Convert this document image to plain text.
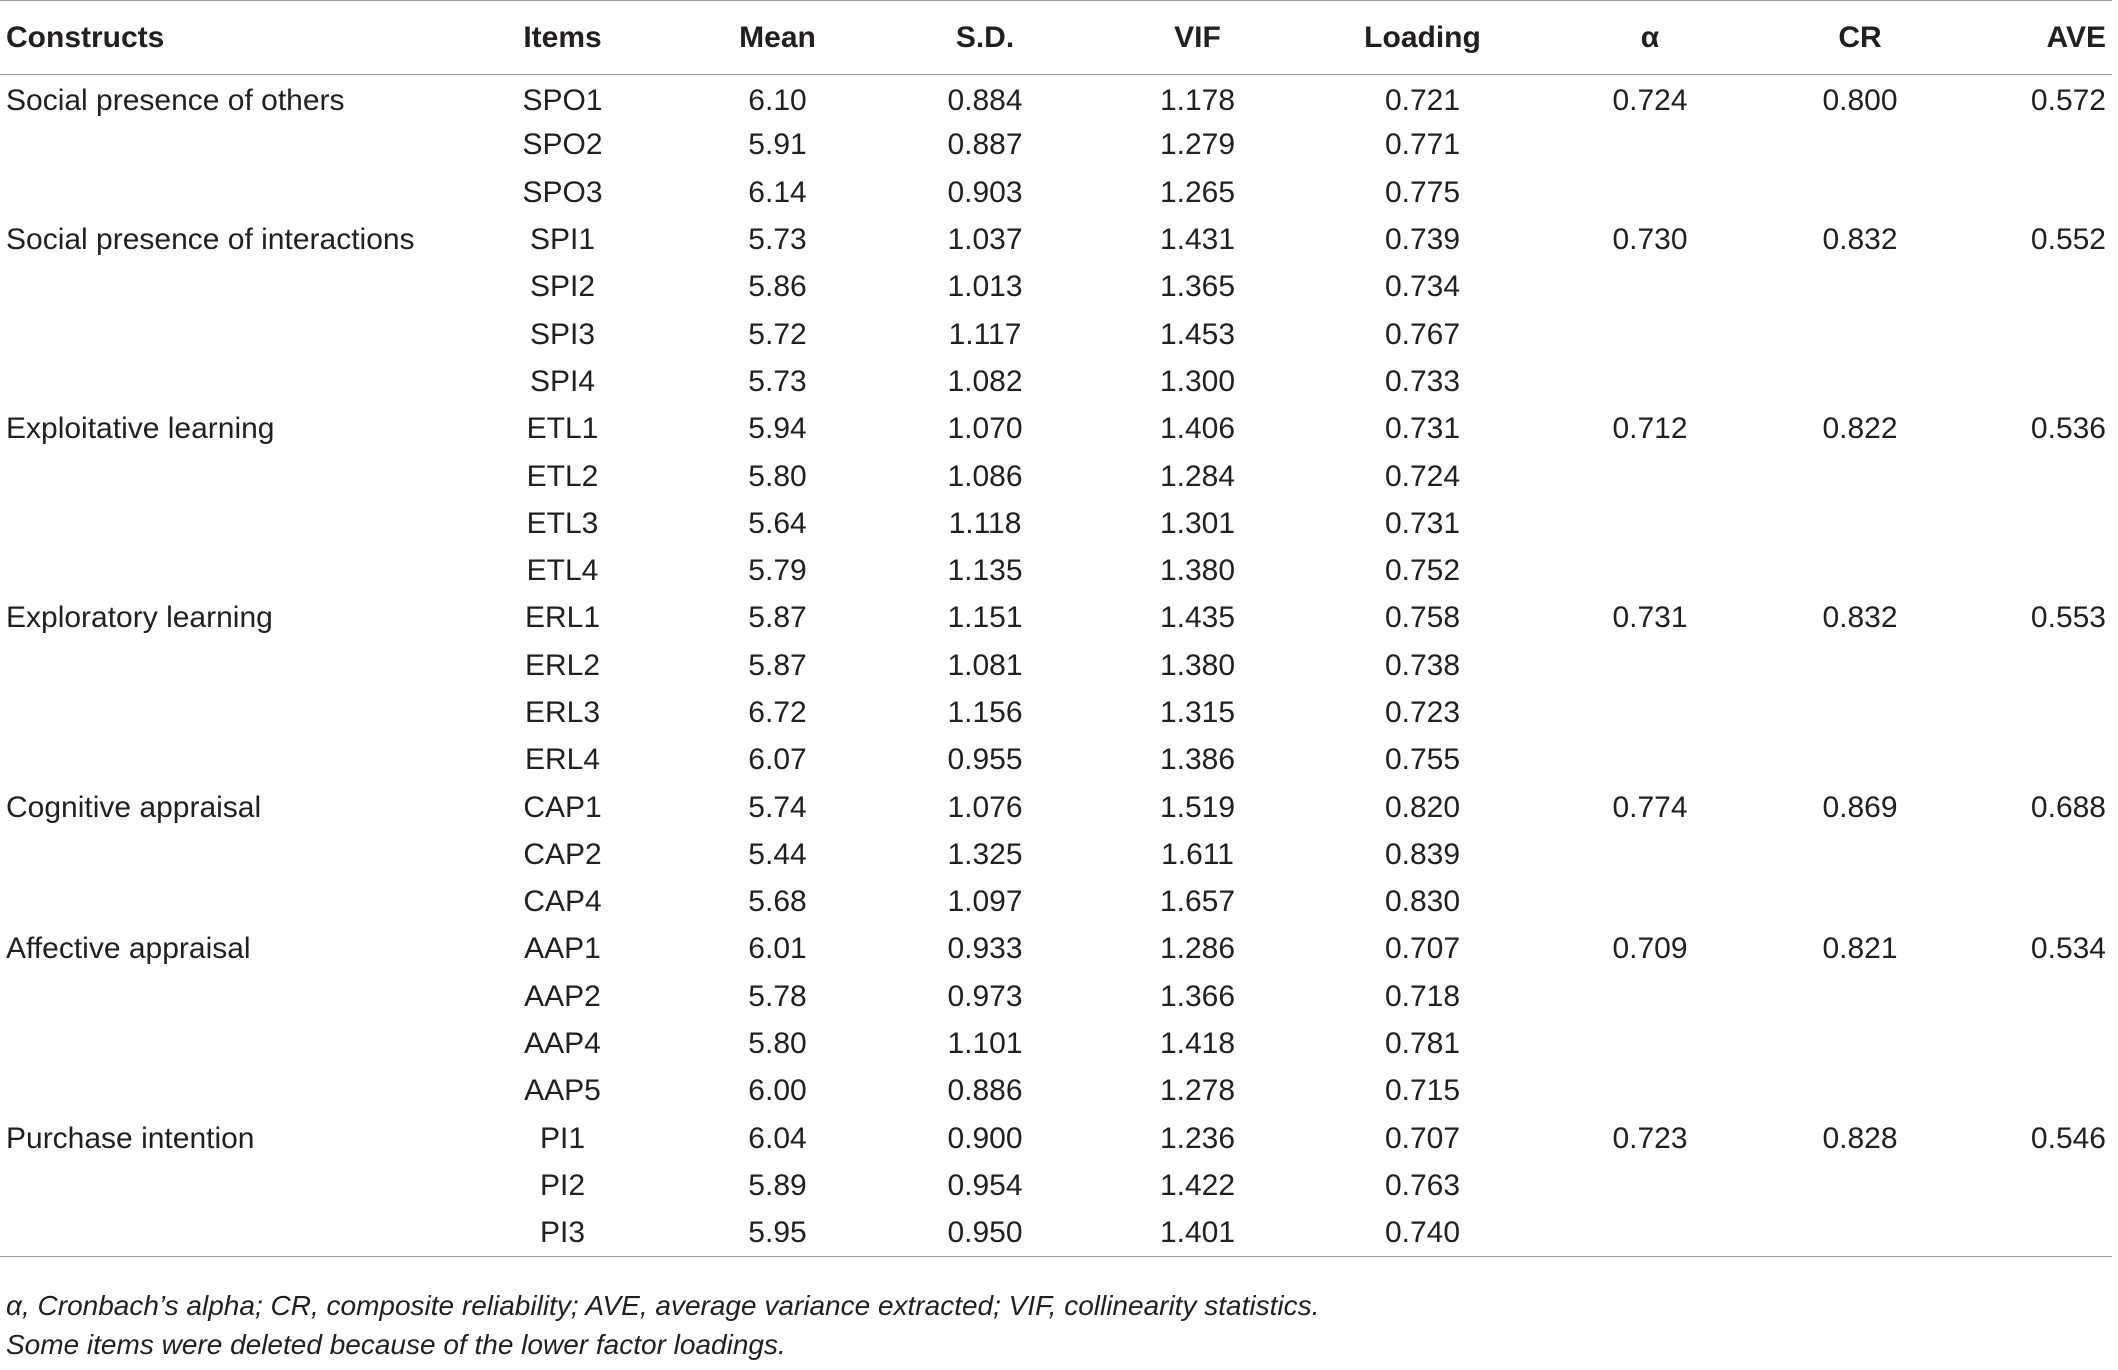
Constructs	Items	Mean	S.D.	VIF	Loading	α	CR	AVE
Social presence of others	SPO1	6.10	0.884	1.178	0.721	0.724	0.800	0.572
	SPO2	5.91	0.887	1.279	0.771			
	SPO3	6.14	0.903	1.265	0.775			
Social presence of interactions	SPI1	5.73	1.037	1.431	0.739	0.730	0.832	0.552
	SPI2	5.86	1.013	1.365	0.734			
	SPI3	5.72	1.117	1.453	0.767			
	SPI4	5.73	1.082	1.300	0.733			
Exploitative learning	ETL1	5.94	1.070	1.406	0.731	0.712	0.822	0.536
	ETL2	5.80	1.086	1.284	0.724			
	ETL3	5.64	1.118	1.301	0.731			
	ETL4	5.79	1.135	1.380	0.752			
Exploratory learning	ERL1	5.87	1.151	1.435	0.758	0.731	0.832	0.553
	ERL2	5.87	1.081	1.380	0.738			
	ERL3	6.72	1.156	1.315	0.723			
	ERL4	6.07	0.955	1.386	0.755			
Cognitive appraisal	CAP1	5.74	1.076	1.519	0.820	0.774	0.869	0.688
	CAP2	5.44	1.325	1.611	0.839			
	CAP4	5.68	1.097	1.657	0.830			
Affective appraisal	AAP1	6.01	0.933	1.286	0.707	0.709	0.821	0.534
	AAP2	5.78	0.973	1.366	0.718			
	AAP4	5.80	1.101	1.418	0.781			
	AAP5	6.00	0.886	1.278	0.715			
Purchase intention	PI1	6.04	0.900	1.236	0.707	0.723	0.828	0.546
	PI2	5.89	0.954	1.422	0.763			
	PI3	5.95	0.950	1.401	0.740			
α, Cronbach’s alpha; CR, composite reliability; AVE, average variance extracted; VIF, collinearity statistics.
Some items were deleted because of the lower factor loadings.
